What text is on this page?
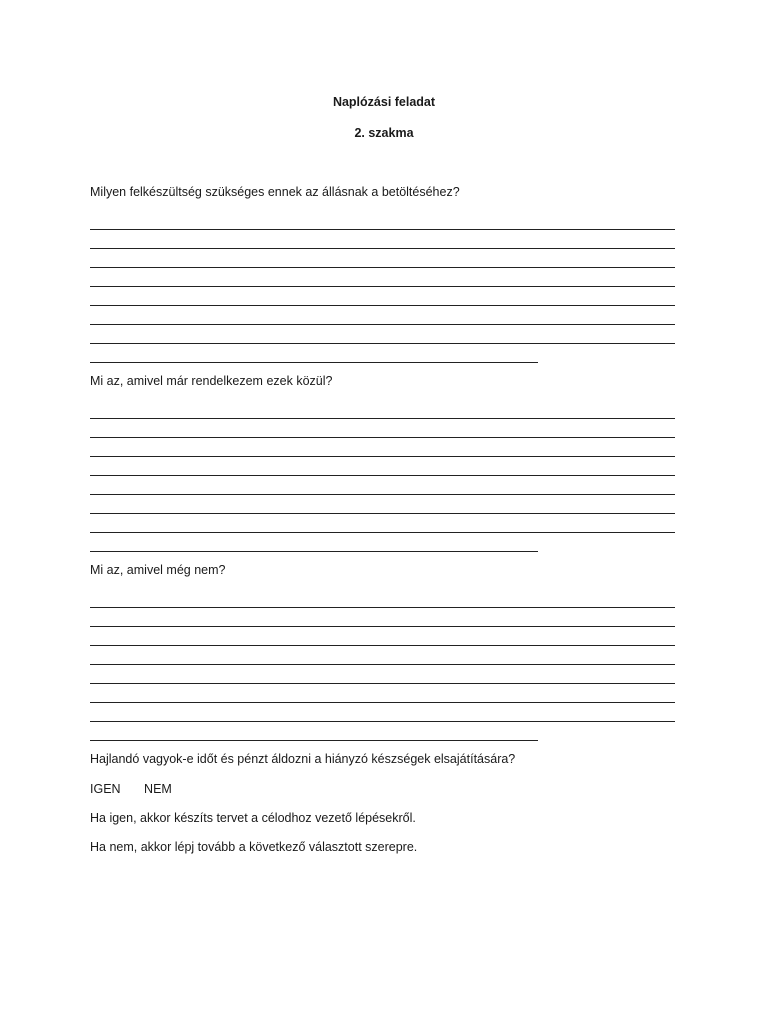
Naplózási feladat
2. szakma
Milyen felkészültség szükséges ennek az állásnak a betöltéséhez?
Mi az, amivel már rendelkezem ezek közül?
Mi az, amivel még nem?
Hajlandó vagyok-e időt és pénzt áldozni a hiányzó készségek elsajátítására?
IGEN NEM
Ha igen, akkor készíts tervet a célodhoz vezető lépésekről.
Ha nem, akkor lépj tovább a következő választott szerepre.
